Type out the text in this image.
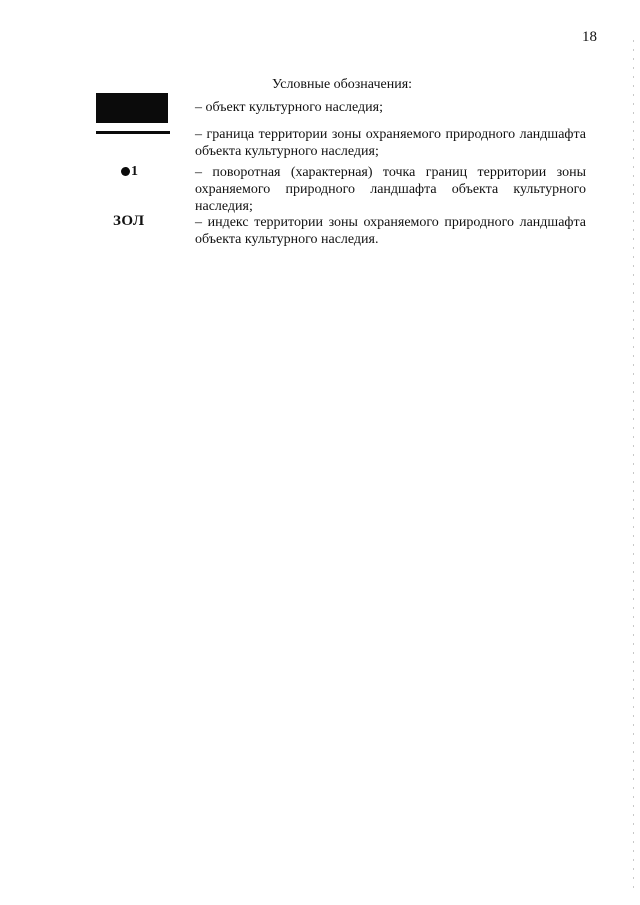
18
Условные обозначения:
– объект культурного наследия;
– граница территории зоны охраняемого природного ландшафта объекта культурного наследия;
1	– поворотная (характерная) точка границ территории зоны охраняемого природного ландшафта объекта культурного наследия;
ЗОЛ	– индекс территории зоны охраняемого природного ландшафта объекта культурного наследия.
